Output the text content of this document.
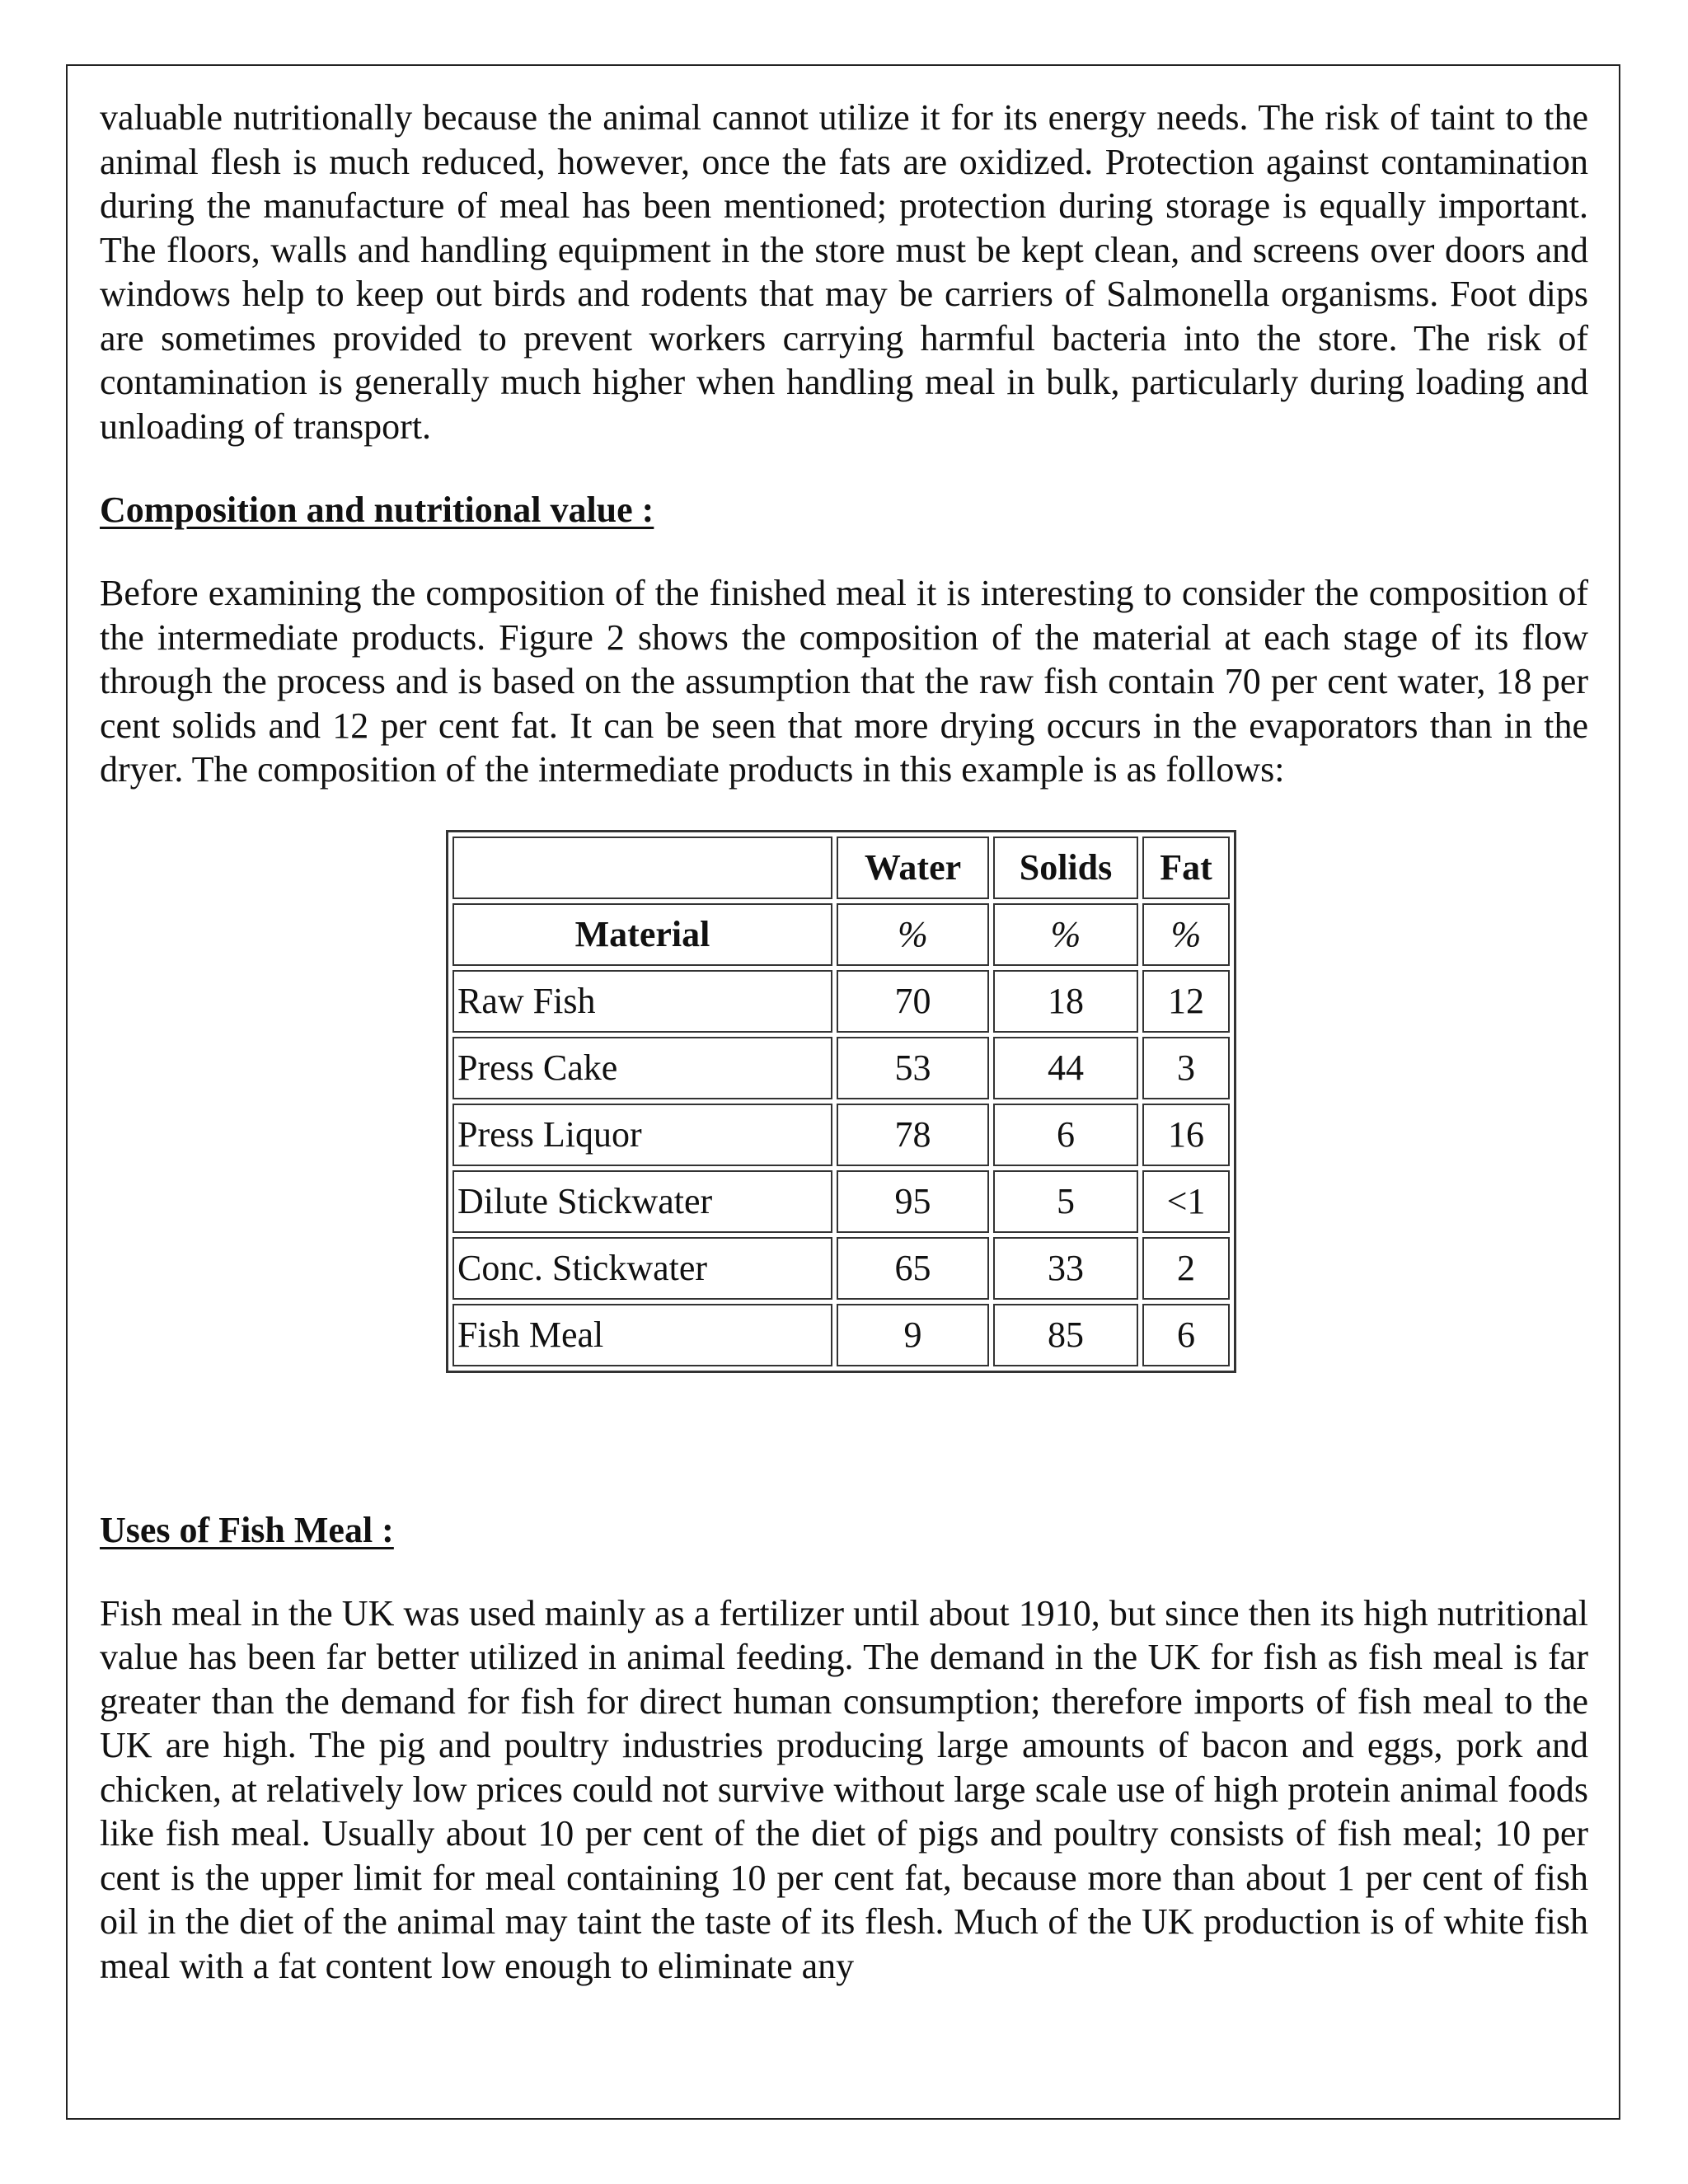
valuable nutritionally because the animal cannot utilize it for its energy needs. The risk of taint to the animal flesh is much reduced, however, once the fats are oxidized. Protection against contamination during the manufacture of meal has been mentioned; protection during storage is equally important. The floors, walls and handling equipment in the store must be kept clean, and screens over doors and windows help to keep out birds and rodents that may be carriers of Salmonella organisms. Foot dips are sometimes provided to prevent workers carrying harmful bacteria into the store. The risk of contamination is generally much higher when handling meal in bulk, particularly during loading and unloading of transport.

Composition and nutritional value :

Before examining the composition of the finished meal it is interesting to consider the composition of the intermediate products. Figure 2 shows the composition of the material at each stage of its flow through the process and is based on the assumption that the raw fish contain 70 per cent water, 18 per cent solids and 12 per cent fat. It can be seen that more drying occurs in the evaporators than in the dryer. The composition of the intermediate products in this example is as follows:

	Water	Solids	Fat
Material	%	%	%
Raw Fish	70	18	12
Press Cake	53	44	3
Press Liquor	78	6	16
Dilute Stickwater	95	5	<1
Conc. Stickwater	65	33	2
Fish Meal	9	85	6

Uses of Fish Meal :

Fish meal in the UK was used mainly as a fertilizer until about 1910, but since then its high nutritional value has been far better utilized in animal feeding. The demand in the UK for fish as fish meal is far greater than the demand for fish for direct human consumption; therefore imports of fish meal to the UK are high. The pig and poultry industries producing large amounts of bacon and eggs, pork and chicken, at relatively low prices could not survive without large scale use of high protein animal foods like fish meal. Usually about 10 per cent of the diet of pigs and poultry consists of fish meal; 10 per cent is the upper limit for meal containing 10 per cent fat, because more than about 1 per cent of fish oil in the diet of the animal may taint the taste of its flesh. Much of the UK production is of white fish meal with a fat content low enough to eliminate any
